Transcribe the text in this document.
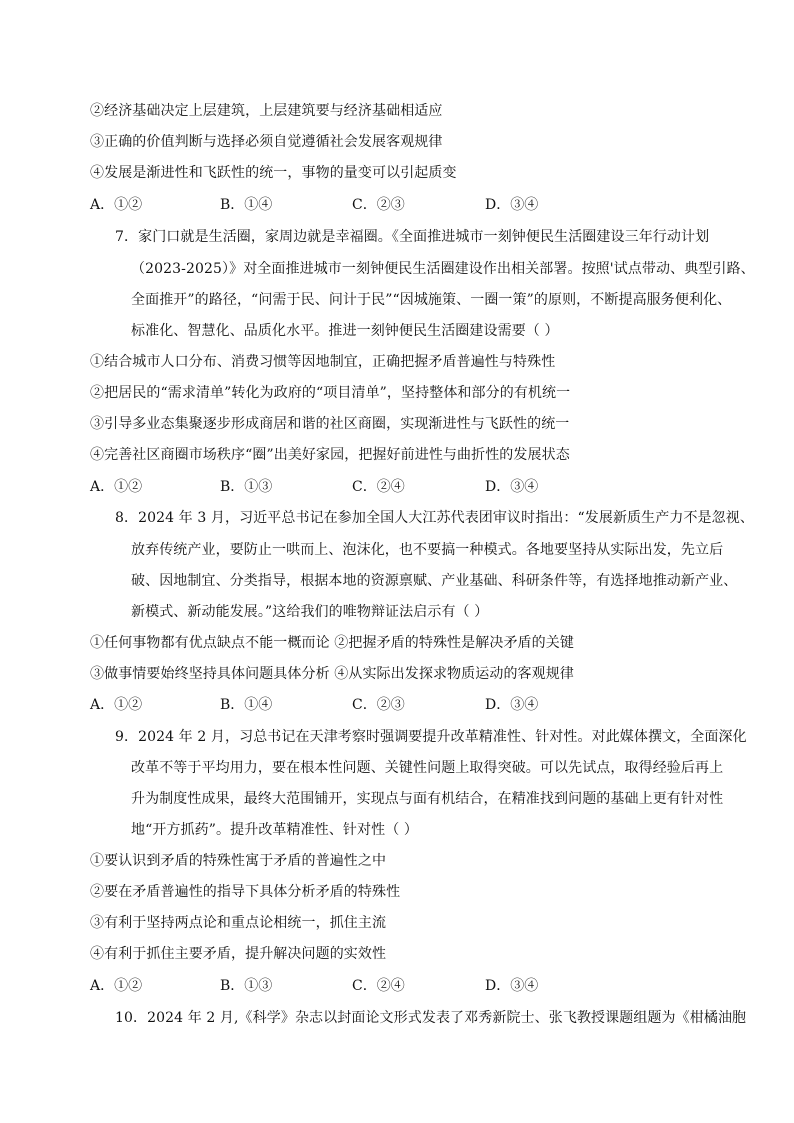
②经济基础决定上层建筑，上层建筑要与经济基础相适应
③正确的价值判断与选择必须自觉遵循社会发展客观规律
④发展是渐进性和飞跃性的统一，事物的量变可以引起质变
A．①②	B．①④	C．②③	D．③④
7．家门口就是生活圈，家周边就是幸福圈。《全面推进城市一刻钟便民生活圈建设三年行动计划
（2023-2025）》对全面推进城市一刻钟便民生活圈建设作出相关部署。按照'试点带动、典型引路、
全面推开”的路径，“问需于民、问计于民”“因城施策、一圈一策”的原则，不断提高服务便利化、
标准化、智慧化、品质化水平。推进一刻钟便民生活圈建设需要（ ）
①结合城市人口分布、消费习惯等因地制宜，正确把握矛盾普遍性与特殊性
②把居民的“需求清单”转化为政府的“项目清单”，坚持整体和部分的有机统一
③引导多业态集聚逐步形成商居和谐的社区商圈，实现渐进性与飞跃性的统一
④完善社区商圈市场秩序“圈”出美好家园，把握好前进性与曲折性的发展状态
A．①②	B．①③	C．②④	D．③④
8．2024 年 3 月，习近平总书记在参加全国人大江苏代表团审议时指出：“发展新质生产力不是忽视、
放弃传统产业，要防止一哄而上、泡沫化，也不要搞一种模式。各地要坚持从实际出发，先立后
破、因地制宜、分类指导，根据本地的资源禀赋、产业基础、科研条件等，有选择地推动新产业、
新模式、新动能发展。”这给我们的唯物辩证法启示有（ ）
①任何事物都有优点缺点不能一概而论 ②把握矛盾的特殊性是解决矛盾的关键
③做事情要始终坚持具体问题具体分析 ④从实际出发探求物质运动的客观规律
A．①②	B．①④	C．②③	D．③④
9．2024 年 2 月，习总书记在天津考察时强调要提升改革精准性、针对性。对此媒体撰文，全面深化
改革不等于平均用力，要在根本性问题、关键性问题上取得突破。可以先试点，取得经验后再上
升为制度性成果，最终大范围铺开，实现点与面有机结合，在精准找到问题的基础上更有针对性
地“开方抓药”。提升改革精准性、针对性（ ）
①要认识到矛盾的特殊性寓于矛盾的普遍性之中
②要在矛盾普遍性的指导下具体分析矛盾的特殊性
③有利于坚持两点论和重点论相统一，抓住主流
④有利于抓住主要矛盾，提升解决问题的实效性
A．①②	B．①③	C．②④	D．③④
10．2024 年 2 月,《科学》杂志以封面论文形式发表了邓秀新院士、张飞教授课题组题为《柑橘油胞
